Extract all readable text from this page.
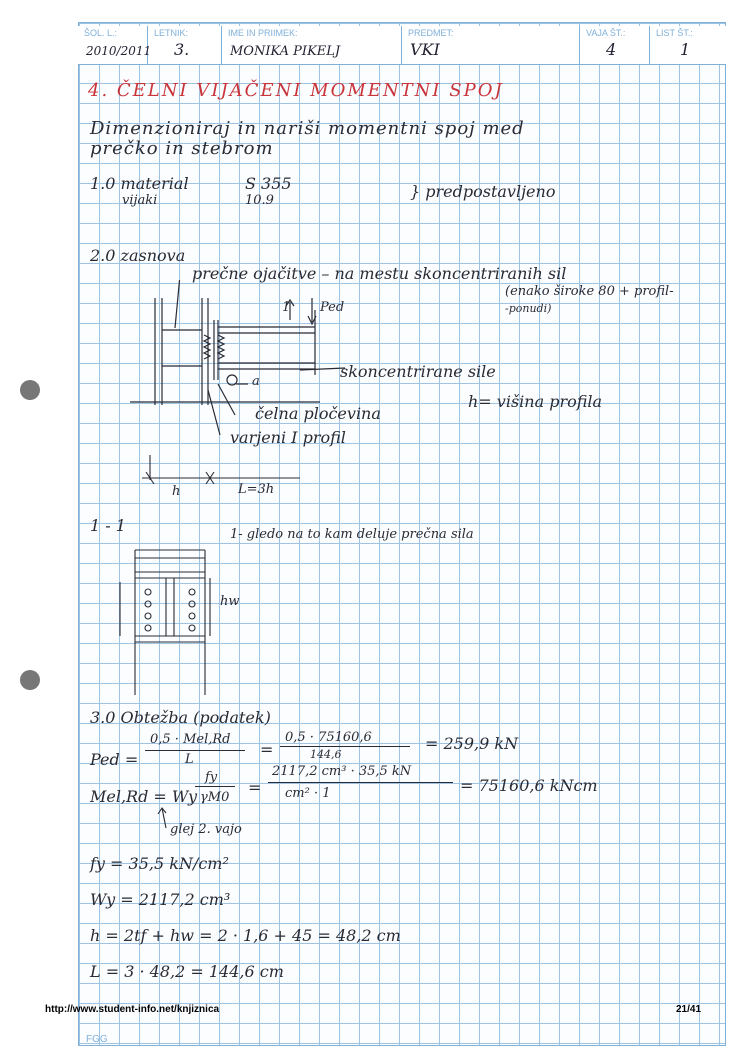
ŠOL. L.:
2010/2011
LETNIK:
3.
IME IN PRIIMEK:
MONIKA PIKELJ
PREDMET:
VKI
VAJA ŠT.:
4
LIST ŠT.:
1
4. ČELNI VIJAČENI MOMENTNI SPOJ
Dimenzioniraj in nariši momentni spoj med
prečko in stebrom
1.0 material	S 355
vijaki	10.9	} predpostavljeno
2.0 zasnova
prečne ojačitve – na mestu skoncentriranih sil
(enako široke 80 + profil-
-ponudi)
Ped
1
skoncentrirane sile
a
h= višina profila
čelna pločevina
varjeni I profil
h	L=3h
1 - 1	1- gledo na to kam deluje prečna sila
hw
3.0 Obtežba (podatek)
Ped =
0,5 · Mel,Rd
L
=
0,5 · 75160,6
144,6
= 259,9 kN
Mel,Rd = Wy
fy
γM0
=
2117,2 cm³ · 35,5 kN
cm² · 1	= 75160,6 kNcm
glej 2. vajo
fy = 35,5 kN/cm²
Wy = 2117,2 cm³
h = 2tf + hw = 2 · 1,6 + 45 = 48,2 cm
L = 3 · 48,2 = 144,6 cm
http://www.student-info.net/knjiznica	21/41
FGG
